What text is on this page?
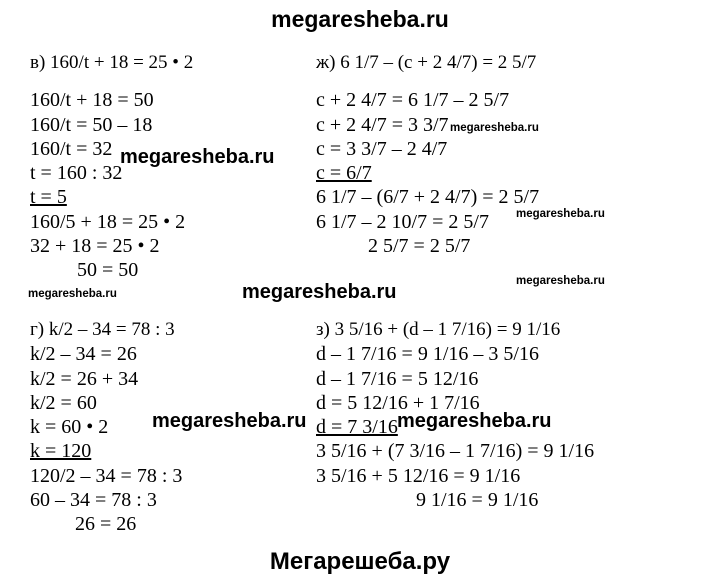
megaresheba.ru
в) 160/t + 18 = 25 • 2
160/t + 18 = 50
160/t = 50 – 18
160/t = 32
t = 160 : 32
t = 5
160/5 + 18 = 25 • 2
32 + 18 = 25 • 2
50 = 50
ж) 6 1/7 – (c + 2 4/7) = 2 5/7
c + 2 4/7 = 6 1/7 – 2 5/7
c + 2 4/7 = 3 3/7
c = 3 3/7 – 2 4/7
c = 6/7
6 1/7 – (6/7 + 2 4/7) = 2 5/7
6 1/7 – 2 10/7 = 2 5/7
2 5/7 = 2 5/7
г) k/2 – 34 = 78 : 3
k/2 – 34 = 26
k/2 = 26 + 34
k/2 = 60
k = 60 • 2
k = 120
120/2 – 34 = 78 : 3
60 – 34 = 78 : 3
26 = 26
з) 3 5/16 + (d – 1 7/16) = 9 1/16
d – 1 7/16 = 9 1/16 – 3 5/16
d – 1 7/16 = 5 12/16
d = 5 12/16 + 1 7/16
d = 7 3/16
3 5/16 + (7 3/16 – 1 7/16) = 9 1/16
3 5/16 + 5 12/16 = 9 1/16
9 1/16 = 9 1/16
megaresheba.ru
megaresheba.ru
megaresheba.ru
megaresheba.ru
megaresheba.ru	megaresheba.ru
megaresheba.ru	megaresheba.ru
Мегарешеба.ру
